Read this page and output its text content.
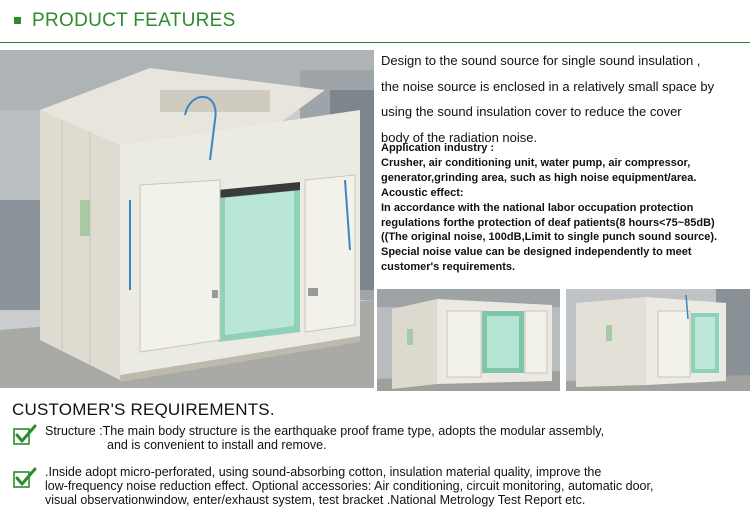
PRODUCT FEATURES

Design to the sound source for single sound insulation ,

the noise source is enclosed in a relatively small space by

using the sound insulation cover to reduce the cover

body of the radiation noise.

Application industry :
Crusher, air conditioning unit, water pump, air compressor,
generator,grinding area, such as high noise equipment/area.
Acoustic effect:
In accordance with the national labor occupation protection
regulations forthe protection of deaf patients(8 hours<75~85dB)
((The original noise, 100dB,Limit to single punch sound source).
Special noise value can be designed independently to meet
customer's requirements.
CUSTOMER'S REQUIREMENTS.
Structure :The main body structure is the earthquake proof frame type, adopts the modular assembly,
and is convenient to install and remove.
.Inside adopt micro-perforated, using sound-absorbing cotton, insulation material quality, improve the
low-frequency noise reduction effect. Optional accessories: Air conditioning, circuit monitoring, automatic door,
visual observationwindow, enter/exhaust system, test bracket .National Metrology Test Report etc.
